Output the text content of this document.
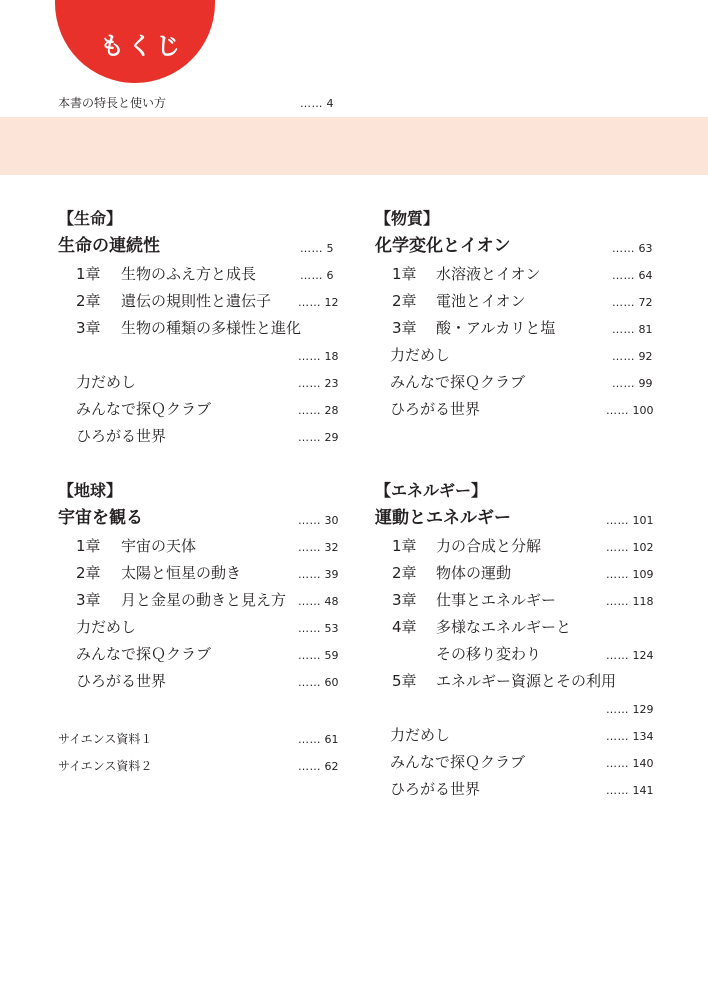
もくじ
本書の特長と使い方	…… 4
【生命】
生命の連続性	…… 5
1章 生物のふえ方と成長	…… 6
2章 遺伝の規則性と遺伝子 …… 12
3章 生物の種類の多様性と進化
…… 18
力だめし	…… 23
みんなで探Ｑクラブ	…… 28
ひろがる世界	…… 29
【物質】
化学変化とイオン	…… 63
1章 水溶液とイオン	…… 64
2章 電池とイオン	…… 72
3章 酸・アルカリと塩	…… 81
力だめし	…… 92
みんなで探Ｑクラブ	…… 99
ひろがる世界	…… 100
【地球】
宇宙を観る	…… 30
1章 宇宙の天体	…… 32
2章 太陽と恒星の動き	…… 39
3章 月と金星の動きと見え方 …… 48
力だめし	…… 53
みんなで探Ｑクラブ	…… 59
ひろがる世界	…… 60
サイエンス資料１	…… 61
サイエンス資料２	…… 62
【エネルギー】
運動とエネルギー	…… 101
1章 力の合成と分解	…… 102
2章 物体の運動	…… 109
3章 仕事とエネルギー	…… 118
4章 多様なエネルギーと
その移り変わり	…… 124
5章 エネルギー資源とその利用
…… 129
力だめし	…… 134
みんなで探Ｑクラブ	…… 140
ひろがる世界	…… 141
